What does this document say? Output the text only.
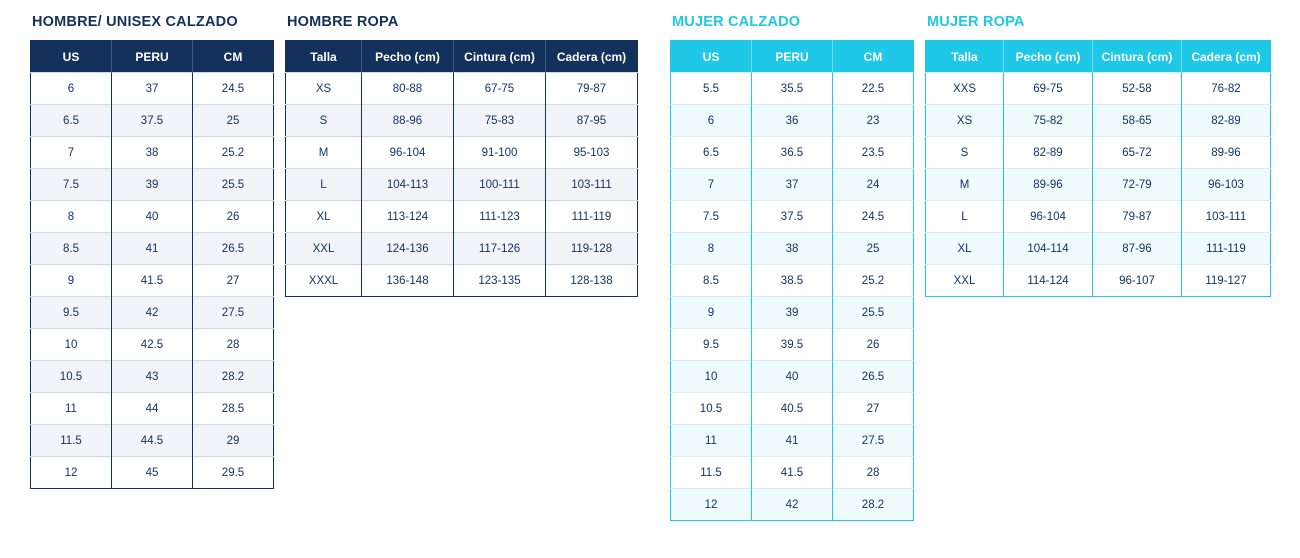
HOMBRE/ UNISEX CALZADO
US	PERU	CM
6	37	24.5
6.5	37.5	25
7	38	25.2
7.5	39	25.5
8	40	26
8.5	41	26.5
9	41.5	27
9.5	42	27.5
10	42.5	28
10.5	43	28.2
11	44	28.5
11.5	44.5	29
12	45	29.5
HOMBRE ROPA
Talla	Pecho (cm)	Cintura (cm)	Cadera (cm)
XS	80-88	67-75	79-87
S	88-96	75-83	87-95
M	96-104	91-100	95-103
L	104-113	100-111	103-111
XL	113-124	111-123	111-119
XXL	124-136	117-126	119-128
XXXL	136-148	123-135	128-138
MUJER CALZADO
US	PERU	CM
5.5	35.5	22.5
6	36	23
6.5	36.5	23.5
7	37	24
7.5	37.5	24.5
8	38	25
8.5	38.5	25.2
9	39	25.5
9.5	39.5	26
10	40	26.5
10.5	40.5	27
11	41	27.5
11.5	41.5	28
12	42	28.2
MUJER ROPA
Talla	Pecho (cm)	Cintura (cm)	Cadera (cm)
XXS	69-75	52-58	76-82
XS	75-82	58-65	82-89
S	82-89	65-72	89-96
M	89-96	72-79	96-103
L	96-104	79-87	103-111
XL	104-114	87-96	111-119
XXL	114-124	96-107	119-127
